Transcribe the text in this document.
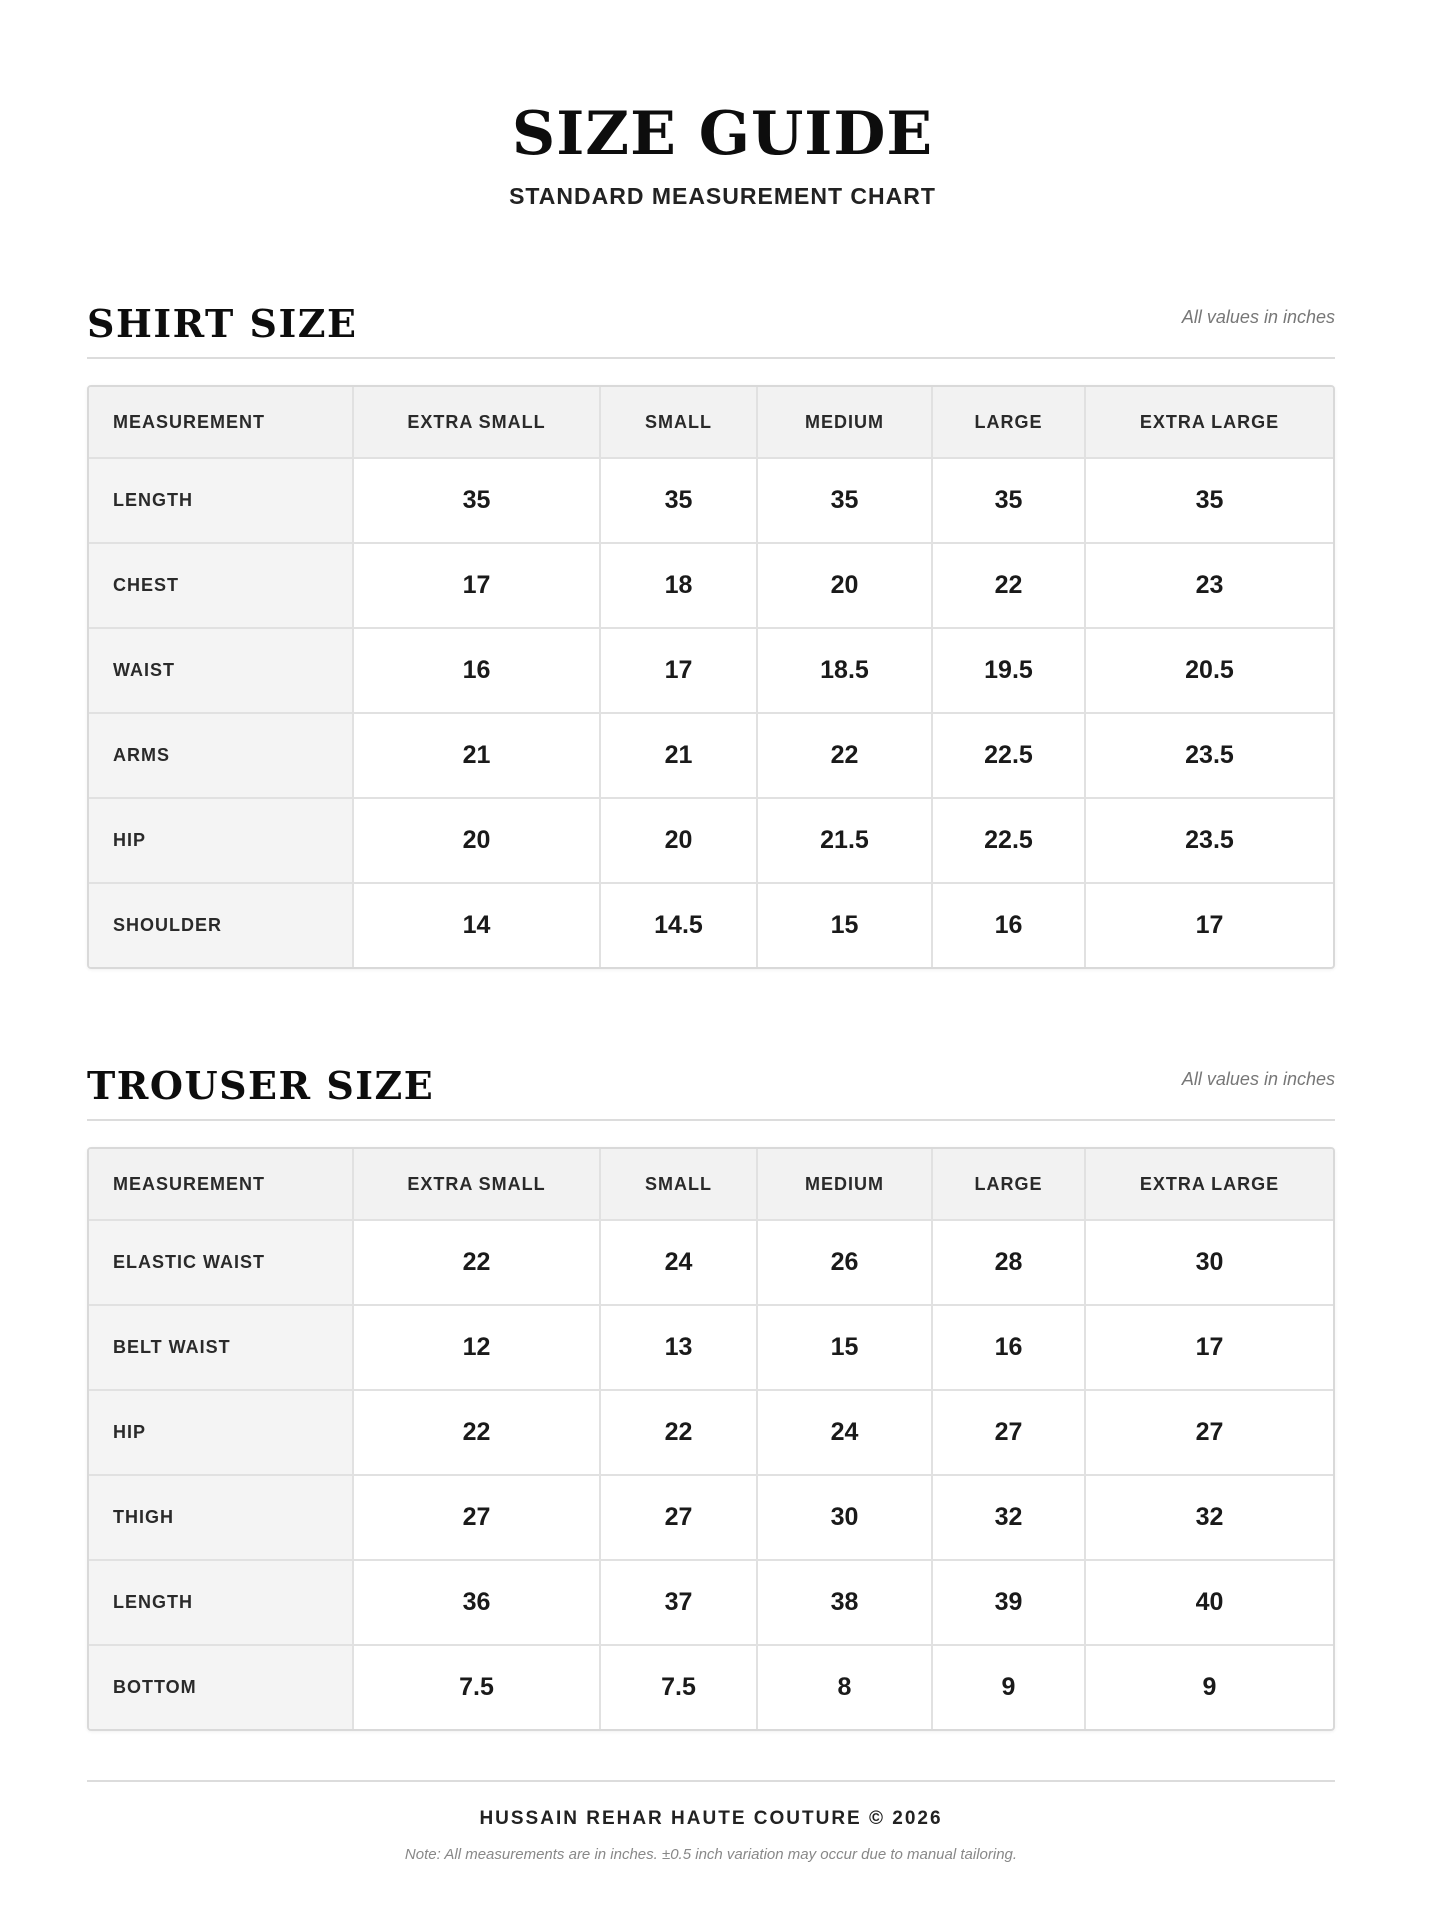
SIZE GUIDE
STANDARD MEASUREMENT CHART
SHIRT SIZE	All values in inches
MEASUREMENT	EXTRA SMALL	SMALL	MEDIUM	LARGE	EXTRA LARGE
LENGTH	35	35	35	35	35
CHEST	17	18	20	22	23
WAIST	16	17	18.5	19.5	20.5
ARMS	21	21	22	22.5	23.5
HIP	20	20	21.5	22.5	23.5
SHOULDER	14	14.5	15	16	17
TROUSER SIZE	All values in inches
MEASUREMENT	EXTRA SMALL	SMALL	MEDIUM	LARGE	EXTRA LARGE
ELASTIC WAIST	22	24	26	28	30
BELT WAIST	12	13	15	16	17
HIP	22	22	24	27	27
THIGH	27	27	30	32	32
LENGTH	36	37	38	39	40
BOTTOM	7.5	7.5	8	9	9
HUSSAIN REHAR HAUTE COUTURE © 2026
Note: All measurements are in inches. ±0.5 inch variation may occur due to manual tailoring.
